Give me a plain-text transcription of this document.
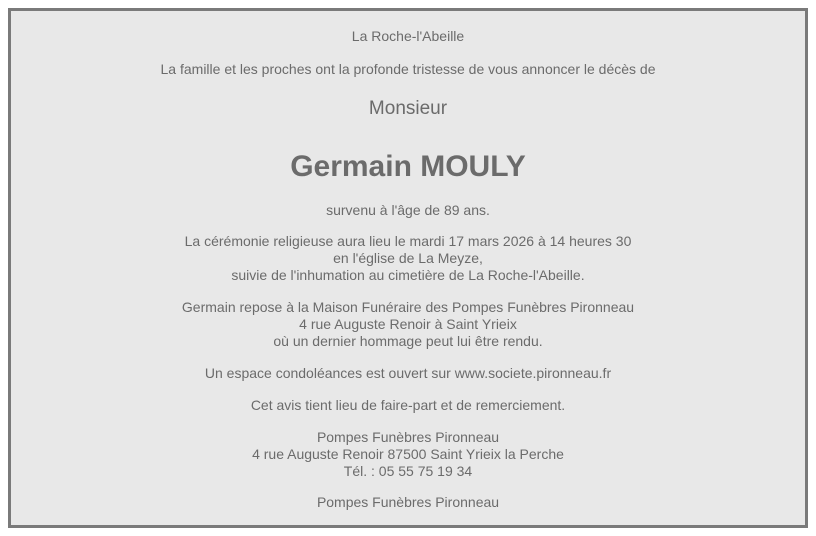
La Roche-l'Abeille
La famille et les proches ont la profonde tristesse de vous annoncer le décès de
Monsieur
Germain MOULY
survenu à l'âge de 89 ans.
La cérémonie religieuse aura lieu le mardi 17 mars 2026 à 14 heures 30
en l'église de La Meyze,
suivie de l'inhumation au cimetière de La Roche-l'Abeille.
Germain repose à la Maison Funéraire des Pompes Funèbres Pironneau
4 rue Auguste Renoir à Saint Yrieix
où un dernier hommage peut lui être rendu.
Un espace condoléances est ouvert sur www.societe.pironneau.fr
Cet avis tient lieu de faire-part et de remerciement.
Pompes Funèbres Pironneau
4 rue Auguste Renoir 87500 Saint Yrieix la Perche
Tél. : 05 55 75 19 34
Pompes Funèbres Pironneau
